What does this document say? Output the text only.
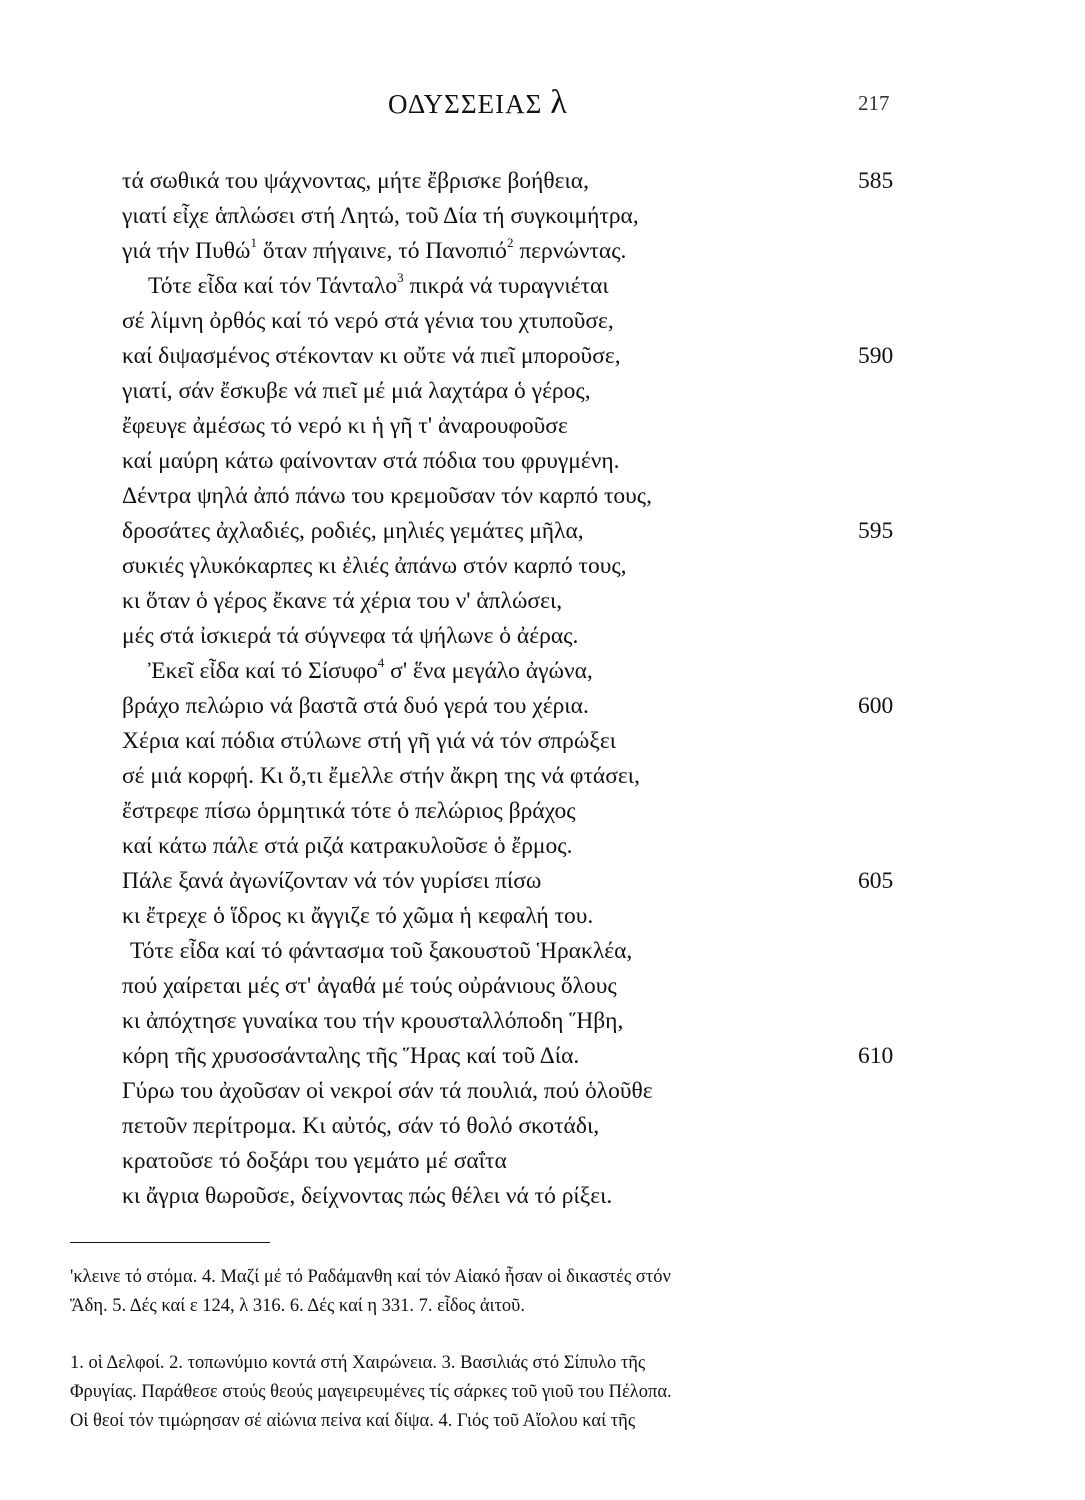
ΟΔΥΣΣΕΙΑΣ λ	217
τά σωθικά του ψάχνοντας, μήτε ἔβρισκε βοήθεια,	585
γιατί εἶχε ἁπλώσει στή Λητώ, τοῦ Δία τή συγκοιμήτρα,
γιά τήν Πυθώ$^1$ ὅταν πήγαινε, τό Πανοπιό$^2$ περνώντας.
Τότε εἶδα καί τόν Τάνταλο$^3$ πικρά νά τυραγνιέται
σέ λίμνη ὀρθός καί τό νερό στά γένια του χτυποῦσε,
καί διψασμένος στέκονταν κι οὔτε νά πιεῖ μποροῦσε,	590
γιατί, σάν ἔσκυβε νά πιεῖ μέ μιά λαχτάρα ὁ γέρος,
ἔφευγε ἀμέσως τό νερό κι ἡ γῆ τ' ἀναρουφοῦσε
καί μαύρη κάτω φαίνονταν στά πόδια του φρυγμένη.
Δέντρα ψηλά ἀπό πάνω του κρεμοῦσαν τόν καρπό τους,
δροσάτες ἀχλαδιές, ροδιές, μηλιές γεμάτες μῆλα,	595
συκιές γλυκόκαρπες κι ἐλιές ἀπάνω στόν καρπό τους,
κι ὅταν ὁ γέρος ἔκανε τά χέρια του ν' ἁπλώσει,
μές στά ἰσκιερά τά σύγνεφα τά ψήλωνε ὁ ἀέρας.
Ἐκεῖ εἶδα καί τό Σίσυφο$^4$ σ' ἕνα μεγάλο ἀγώνα,
βράχο πελώριο νά βαστᾶ στά δυό γερά του χέρια.	600
Χέρια καί πόδια στύλωνε στή γῆ γιά νά τόν σπρώξει
σέ μιά κορφή. Κι ὅ,τι ἔμελλε στήν ἄκρη της νά φτάσει,
ἔστρεφε πίσω ὁρμητικά τότε ὁ πελώριος βράχος
καί κάτω πάλε στά ριζά κατρακυλοῦσε ὁ ἔρμος.
Πάλε ξανά ἀγωνίζονταν νά τόν γυρίσει πίσω	605
κι ἔτρεχε ὁ ἵδρος κι ἄγγιζε τό χῶμα ἡ κεφαλή του.
Τότε εἶδα καί τό φάντασμα τοῦ ξακουστοῦ Ἡρακλέα,
πού χαίρεται μές στ' ἀγαθά μέ τούς οὐράνιους ὅλους
κι ἀπόχτησε γυναίκα του τήν κρουσταλλόποδη Ἥβη,
κόρη τῆς χρυσοσάνταλης τῆς Ἥρας καί τοῦ Δία.	610
Γύρω του ἀχοῦσαν οἱ νεκροί σάν τά πουλιά, πού ὁλοῦθε
πετοῦν περίτρομα. Κι αὐτός, σάν τό θολό σκοτάδι,
κρατοῦσε τό δοξάρι του γεμάτο μέ σαΐτα
κι ἄγρια θωροῦσε, δείχνοντας πώς θέλει νά τό ρίξει.
'κλεινε τό στόμα. 4. Μαζί μέ τό Ραδάμανθη καί τόν Αἰακό ἦσαν οἱ δικαστές στόν
Ἅδη. 5. Δές καί ε 124, λ 316. 6. Δές καί η 331. 7. εἶδος ἀιτοῦ.
1. οἱ Δελφοί. 2. τοπωνύμιο κοντά στή Χαιρώνεια. 3. Βασιλιάς στό Σίπυλο τῆς
Φρυγίας. Παράθεσε στούς θεούς μαγειρευμένες τίς σάρκες τοῦ γιοῦ του Πέλοπα.
Οἱ θεοί τόν τιμώρησαν σέ αἰώνια πείνα καί δίψα. 4. Γιός τοῦ Αἴολου καί τῆς
